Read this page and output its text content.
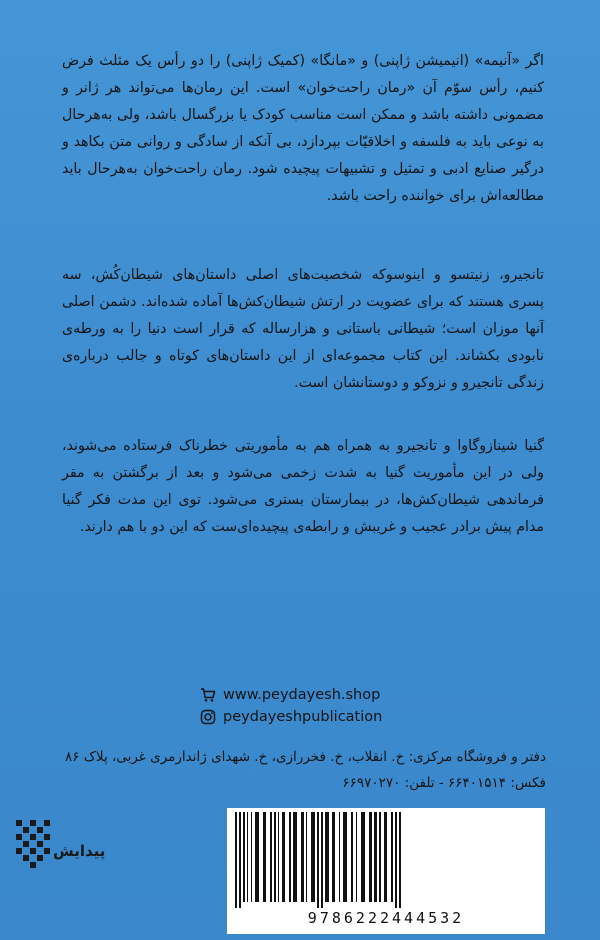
اگر «آنیمه» (انیمیشن ژاپنی) و «مانگا» (کمیک ژاپنی) را دو رأس یک مثلث فرض کنیم، رأس سوّم آن «رمان راحت‌خوان» است. این رمان‌ها می‌تواند هر ژانر و مضمونی داشته باشد و ممکن است مناسب کودک یا بزرگسال باشد، ولی به‌هرحال به نوعی باید به فلسفه و اخلاقیّات بپردازد، بی آنکه از سادگی و روانی متن بکاهد و درگیر صنایع ادبی و تمثیل و تشبیهات پیچیده شود. رمان راحت‌خوان به‌هرحال باید مطالعه‌اش برای خواننده راحت باشد.
تانجیرو، زنیتسو و اینوسوکه شخصیت‌های اصلی داستان‌های شیطان‌کُش، سه پسری هستند که برای عضویت در ارتش شیطان‌کش‌ها آماده شده‌اند. دشمن اصلی آنها موزان است؛ شیطانی باستانی و هزارساله که قرار است دنیا را به ورطه‌ی نابودی بکشاند. این کتاب مجموعه‌ای از این داستان‌های کوتاه و جالب درباره‌ی زندگی تانجیرو و نزوکو و دوستانشان است.
گنیا شینازوگاوا و تانجیرو به همراه هم به مأموریتی خطرناک فرستاده می‌شوند، ولی در این مأموریت گنیا به شدت زخمی می‌شود و بعد از برگشتن به مقر فرماندهی شیطان‌کش‌ها، در بیمارستان بستری می‌شود. توی این مدت فکر گنیا مدام پیش برادر عجیب و غریبش و رابطه‌ی پیچیده‌ای‌ست که این دو با هم دارند.
www.peydayesh.shop
peydayeshpublication
دفتر و فروشگاه مرکزی: خ. انقلاب، خ. فخررازی، خ. شهدای ژاندارمری غربی، پلاک ۸۶
فکس: ۶۶۴۰۱۵۱۴ - تلفن: ۶۶۹۷۰۲۷۰
پیدایش
9786222444532
